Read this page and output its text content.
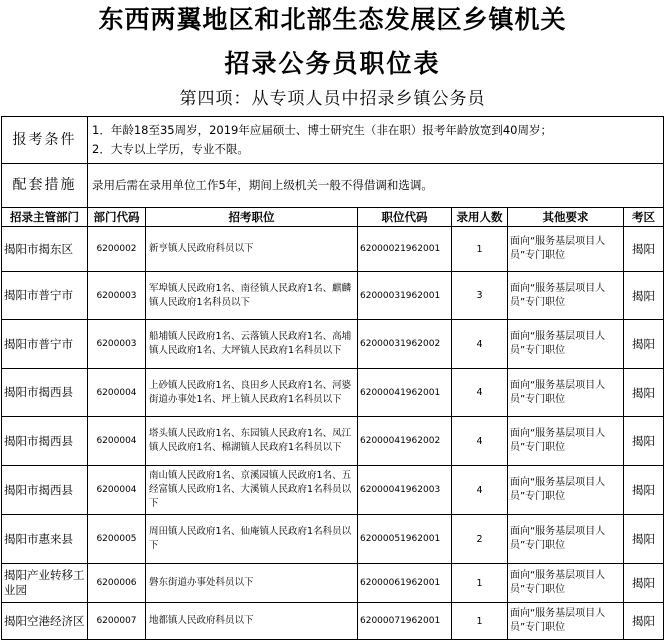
东西两翼地区和北部生态发展区乡镇机关
招录公务员职位表
第四项：从专项人员中招录乡镇公务员
报考条件	1．年龄18至35周岁，2019年应届硕士、博士研究生（非在职）报考年龄放宽到40周岁；
2．大专以上学历，专业不限。					

配套措施	录用后需在录用单位工作5年，期间上级机关一般不得借调和选调。					
招录主管部门	部门代码	招考职位	职位代码	录用人数	其他要求	考区
揭阳市揭东区	6200002	新亨镇人民政府科员以下	62000021962001	1	面向“服务基层项目人员”专门职位	揭阳
揭阳市普宁市	6200003	军埠镇人民政府1名、南径镇人民政府1名、麒麟镇人民政府1名科员以下	62000031962001	3	面向“服务基层项目人员”专门职位	揭阳
揭阳市普宁市	6200003	船埔镇人民政府1名、云落镇人民政府1名、高埔镇人民政府1名、大坪镇人民政府1名科员以下	62000031962002	4	面向“服务基层项目人员”专门职位	揭阳
揭阳市揭西县	6200004	上砂镇人民政府1名、良田乡人民政府1名、河婆街道办事处1名、坪上镇人民政府1名科员以下	62000041962001	4	面向“服务基层项目人员”专门职位	揭阳
揭阳市揭西县	6200004	塔头镇人民政府1名、东园镇人民政府1名、凤江镇人民政府1名、棉湖镇人民政府1名科员以下	62000041962002	4	面向“服务基层项目人员”专门职位	揭阳
揭阳市揭西县	6200004	南山镇人民政府1名、京溪园镇人民政府1名、五经富镇人民政府1名、大溪镇人民政府1名科员以下	62000041962003	4	面向“服务基层项目人员”专门职位	揭阳
揭阳市惠来县	6200005	周田镇人民政府1名、仙庵镇人民政府1名科员以下	62000051962001	2	面向“服务基层项目人员”专门职位	揭阳
揭阳产业转移工业园	6200006	磐东街道办事处科员以下	62000061962001	1	面向“服务基层项目人员”专门职位	揭阳
揭阳空港经济区	6200007	地都镇人民政府科员以下	62000071962001	1	面向“服务基层项目人员”专门职位	揭阳
